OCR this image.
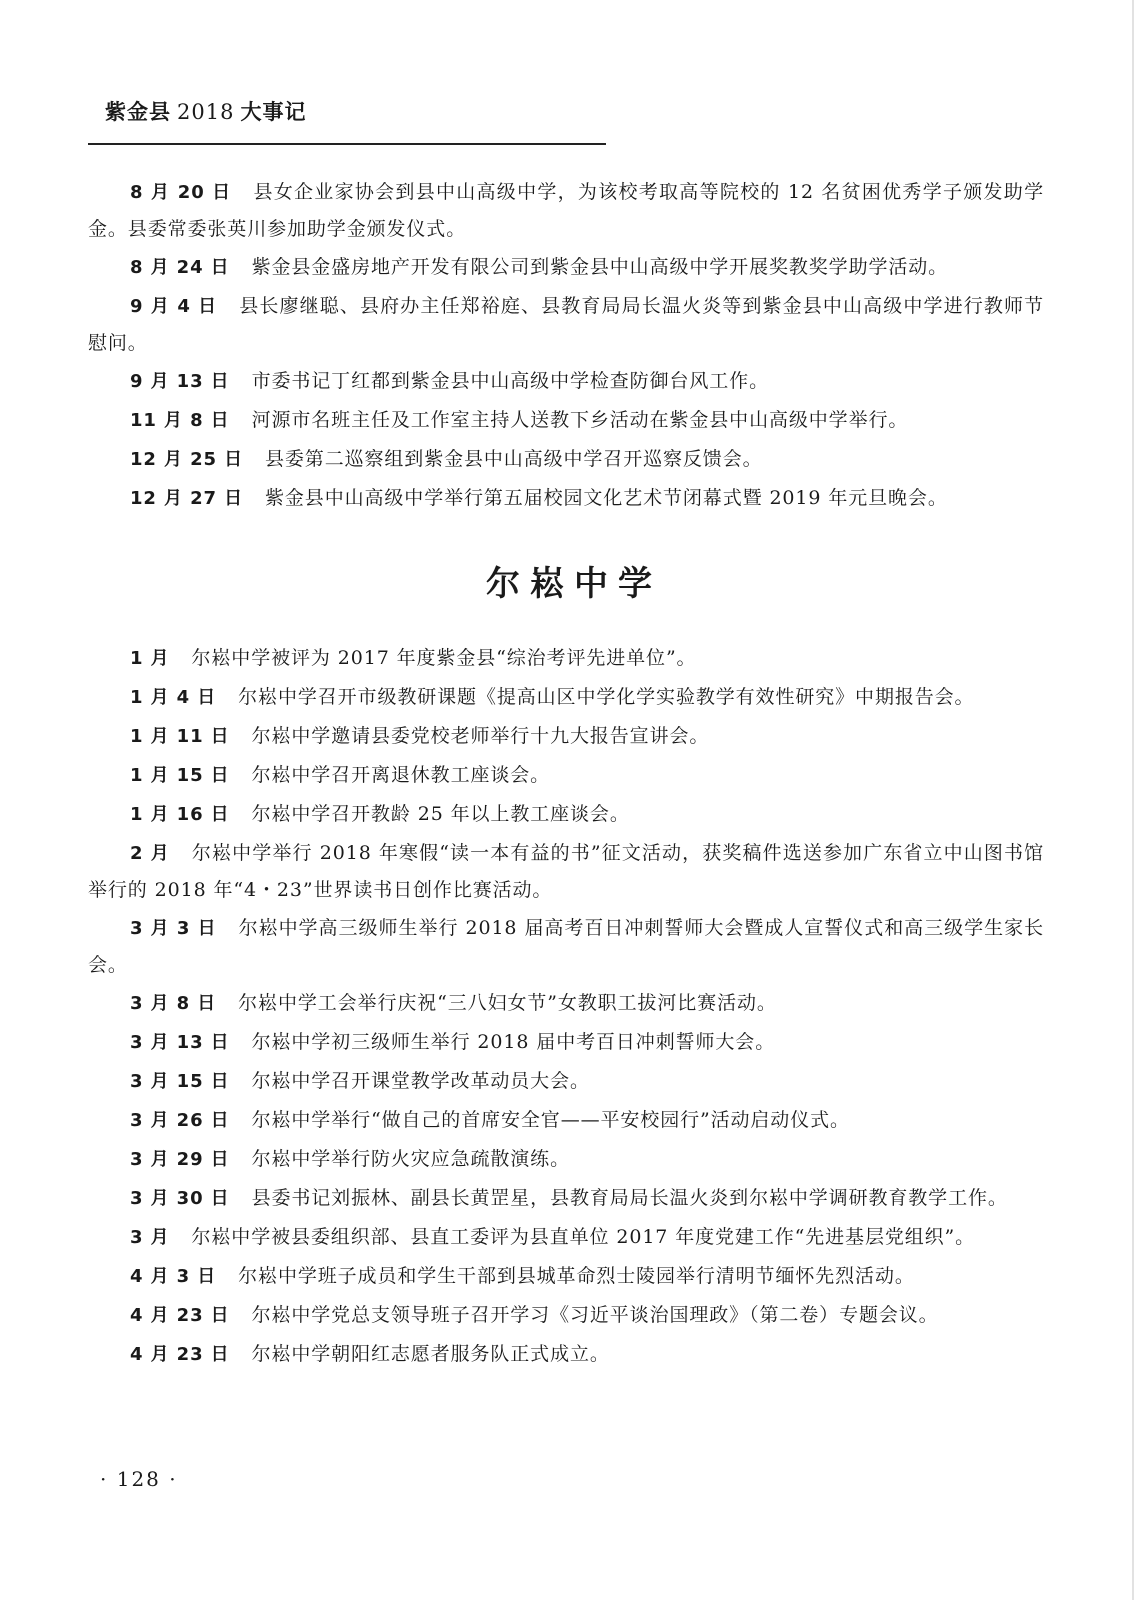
紫金县 2018 大事记

8 月 20 日 县女企业家协会到县中山高级中学，为该校考取高等院校的 12 名贫困优秀学子颁发助学金。县委常委张英川参加助学金颁发仪式。

8 月 24 日 紫金县金盛房地产开发有限公司到紫金县中山高级中学开展奖教奖学助学活动。

9 月 4 日 县长廖继聪、县府办主任郑裕庭、县教育局局长温火炎等到紫金县中山高级中学进行教师节慰问。

9 月 13 日 市委书记丁红都到紫金县中山高级中学检查防御台风工作。

11 月 8 日 河源市名班主任及工作室主持人送教下乡活动在紫金县中山高级中学举行。

12 月 25 日 县委第二巡察组到紫金县中山高级中学召开巡察反馈会。

12 月 27 日 紫金县中山高级中学举行第五届校园文化艺术节闭幕式暨 2019 年元旦晚会。

尔崧中学

1 月 尔崧中学被评为 2017 年度紫金县“综治考评先进单位”。

1 月 4 日 尔崧中学召开市级教研课题《提高山区中学化学实验教学有效性研究》中期报告会。

1 月 11 日 尔崧中学邀请县委党校老师举行十九大报告宣讲会。

1 月 15 日 尔崧中学召开离退休教工座谈会。

1 月 16 日 尔崧中学召开教龄 25 年以上教工座谈会。

2 月 尔崧中学举行 2018 年寒假“读一本有益的书”征文活动，获奖稿件选送参加广东省立中山图书馆举行的 2018 年“4・23”世界读书日创作比赛活动。

3 月 3 日 尔崧中学高三级师生举行 2018 届高考百日冲刺誓师大会暨成人宣誓仪式和高三级学生家长会。

3 月 8 日 尔崧中学工会举行庆祝“三八妇女节”女教职工拔河比赛活动。

3 月 13 日 尔崧中学初三级师生举行 2018 届中考百日冲刺誓师大会。

3 月 15 日 尔崧中学召开课堂教学改革动员大会。

3 月 26 日 尔崧中学举行“做自己的首席安全官——平安校园行”活动启动仪式。

3 月 29 日 尔崧中学举行防火灾应急疏散演练。

3 月 30 日 县委书记刘振林、副县长黄罡星，县教育局局长温火炎到尔崧中学调研教育教学工作。

3 月 尔崧中学被县委组织部、县直工委评为县直单位 2017 年度党建工作“先进基层党组织”。

4 月 3 日 尔崧中学班子成员和学生干部到县城革命烈士陵园举行清明节缅怀先烈活动。

4 月 23 日 尔崧中学党总支领导班子召开学习《习近平谈治国理政》（第二卷）专题会议。

4 月 23 日 尔崧中学朝阳红志愿者服务队正式成立。

· 128 ·
